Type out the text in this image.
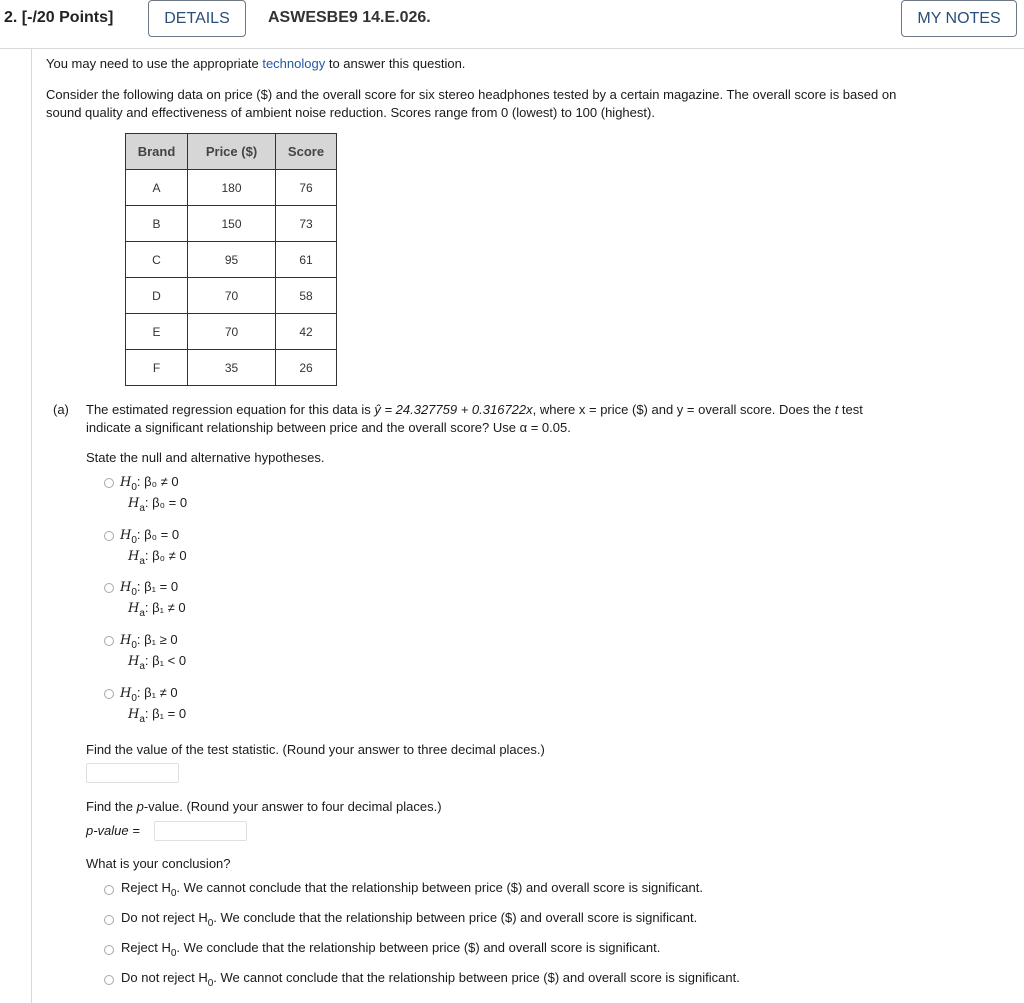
2. [-/20 Points]	DETAILS	ASWESBE9 14.E.026.	MY NOTES
You may need to use the appropriate technology to answer this question.
Consider the following data on price ($) and the overall score for six stereo headphones tested by a certain magazine. The overall score is based on
sound quality and effectiveness of ambient noise reduction. Scores range from 0 (lowest) to 100 (highest).
Brand	Price ($)	Score
A	180	76
B	150	73
C	95	61
D	70	58
E	70	42
F	35	26
(a) The estimated regression equation for this data is ŷ = 24.327759 + 0.316722x, where x = price ($) and y = overall score. Does the t test
indicate a significant relationship between price and the overall score? Use α = 0.05.
State the null and alternative hypotheses.
$H_0$: β₀ ≠ 0
$H_a$: β₀ = 0
$H_0$: β₀ = 0
$H_a$: β₀ ≠ 0
$H_0$: β₁ = 0
$H_a$: β₁ ≠ 0
$H_0$: β₁ ≥ 0
$H_a$: β₁ < 0
$H_0$: β₁ ≠ 0
$H_a$: β₁ = 0
Find the value of the test statistic. (Round your answer to three decimal places.)
Find the p-value. (Round your answer to four decimal places.)
p-value =
What is your conclusion?
Reject $H_0$. We cannot conclude that the relationship between price ($) and overall score is significant.
Do not reject $H_0$. We conclude that the relationship between price ($) and overall score is significant.
Reject $H_0$. We conclude that the relationship between price ($) and overall score is significant.
Do not reject $H_0$. We cannot conclude that the relationship between price ($) and overall score is significant.
